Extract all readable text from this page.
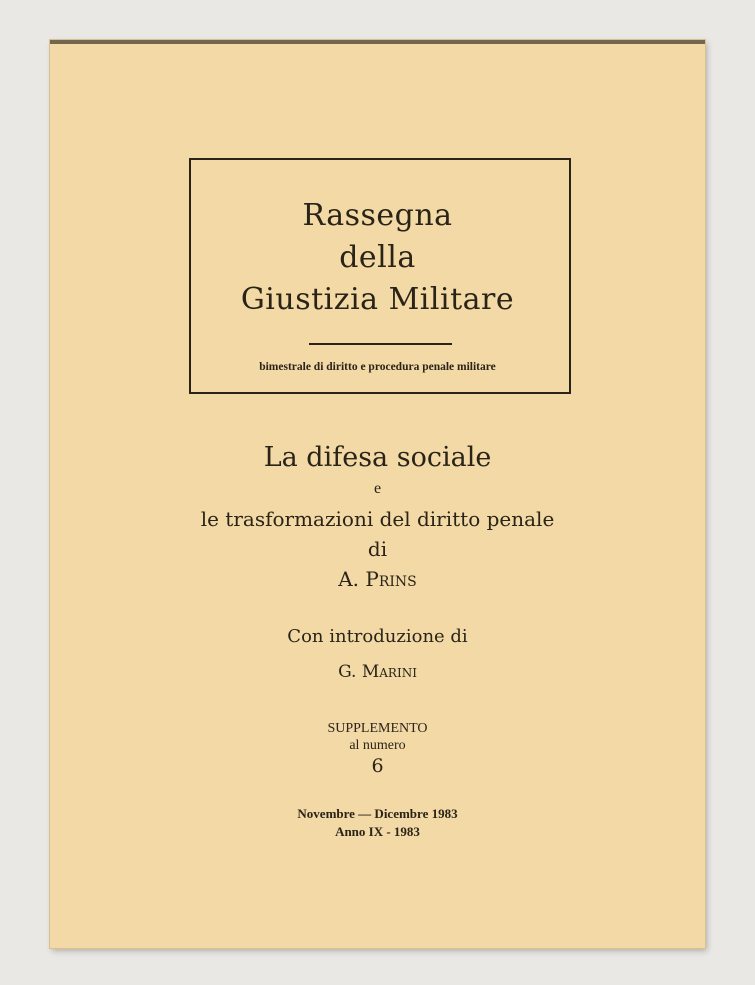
Rassegna
della
Giustizia Militare
bimestrale di diritto e procedura penale militare
La difesa sociale
e
le trasformazioni del diritto penale
di
A. Prins
Con introduzione di
G. Marini
SUPPLEMENTO
al numero
6
Novembre — Dicembre 1983
Anno IX - 1983
